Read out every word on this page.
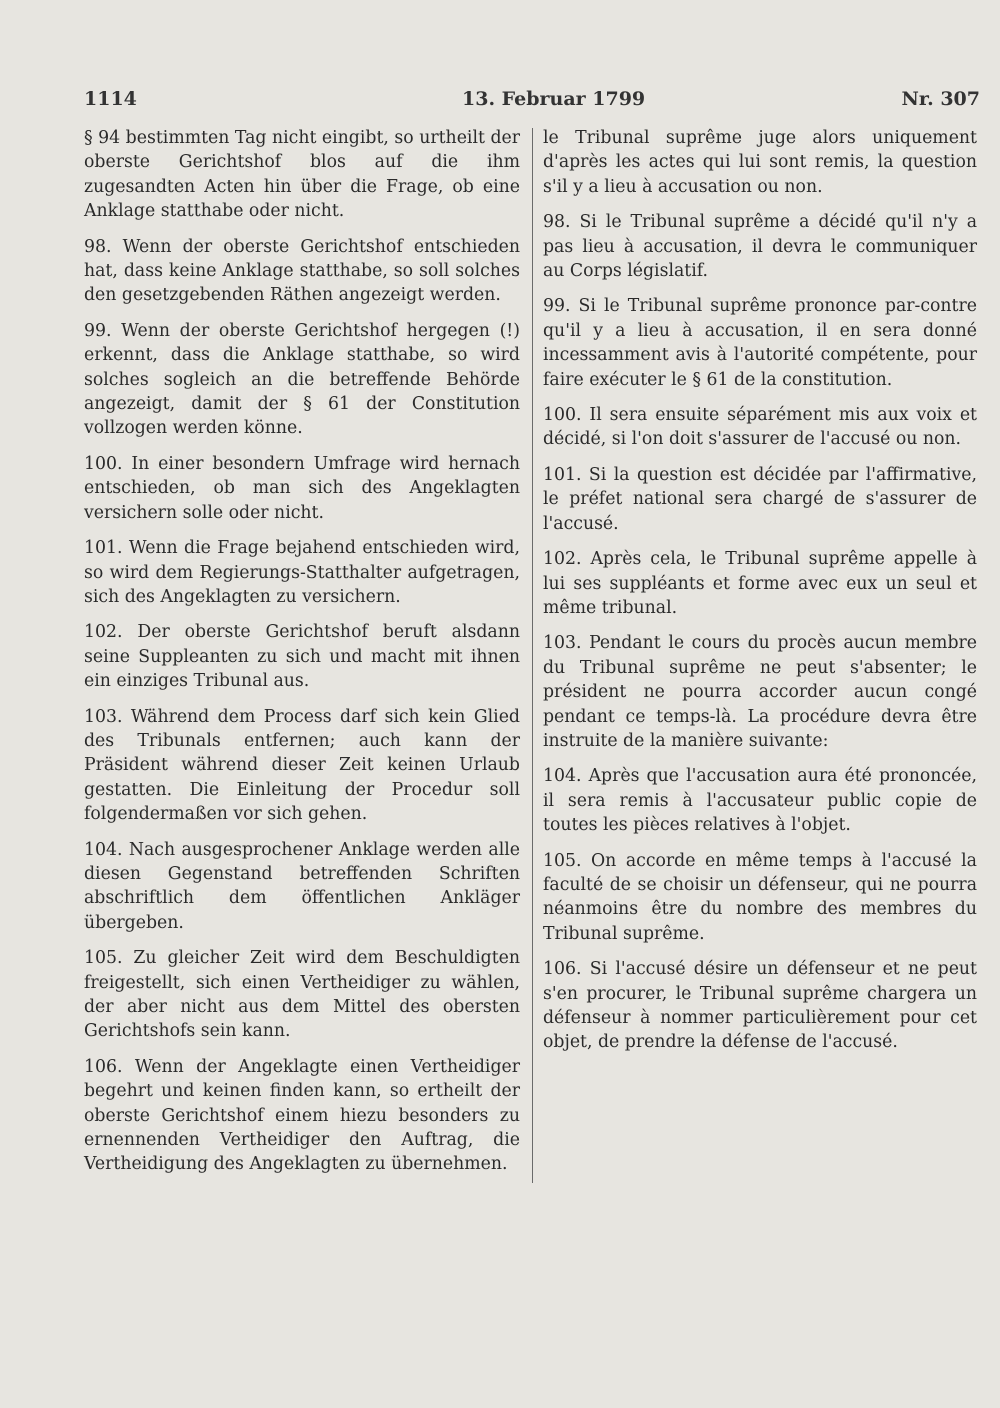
1114	13. Februar 1799	Nr. 307

§ 94 bestimmten Tag nicht eingibt, so urtheilt der oberste Gerichtshof blos auf die ihm zugesandten Acten hin über die Frage, ob eine Anklage statthabe oder nicht.

98. Wenn der oberste Gerichtshof entschieden hat, dass keine Anklage statthabe, so soll solches den gesetzgebenden Räthen angezeigt werden.

99. Wenn der oberste Gerichtshof hergegen (!) erkennt, dass die Anklage statthabe, so wird solches sogleich an die betreffende Behörde angezeigt, damit der § 61 der Constitution vollzogen werden könne.

100. In einer besondern Umfrage wird hernach entschieden, ob man sich des Angeklagten versichern solle oder nicht.

101. Wenn die Frage bejahend entschieden wird, so wird dem Regierungs-Statthalter aufgetragen, sich des Angeklagten zu versichern.

102. Der oberste Gerichtshof beruft alsdann seine Suppleanten zu sich und macht mit ihnen ein einziges Tribunal aus.

103. Während dem Process darf sich kein Glied des Tribunals entfernen; auch kann der Präsident während dieser Zeit keinen Urlaub gestatten. Die Einleitung der Procedur soll folgendermaßen vor sich gehen.

104. Nach ausgesprochener Anklage werden alle diesen Gegenstand betreffenden Schriften abschriftlich dem öffentlichen Ankläger übergeben.

105. Zu gleicher Zeit wird dem Beschuldigten freigestellt, sich einen Vertheidiger zu wählen, der aber nicht aus dem Mittel des obersten Gerichtshofs sein kann.

106. Wenn der Angeklagte einen Vertheidiger begehrt und keinen finden kann, so ertheilt der oberste Gerichtshof einem hiezu besonders zu ernennenden Vertheidiger den Auftrag, die Vertheidigung des Angeklagten zu übernehmen.

le Tribunal suprême juge alors uniquement d'après les actes qui lui sont remis, la question s'il y a lieu à accusation ou non.

98. Si le Tribunal suprême a décidé qu'il n'y a pas lieu à accusation, il devra le communiquer au Corps législatif.

99. Si le Tribunal suprême prononce par-contre qu'il y a lieu à accusation, il en sera donné incessamment avis à l'autorité compétente, pour faire exécuter le § 61 de la constitution.

100. Il sera ensuite séparément mis aux voix et décidé, si l'on doit s'assurer de l'accusé ou non.

101. Si la question est décidée par l'affirmative, le préfet national sera chargé de s'assurer de l'accusé.

102. Après cela, le Tribunal suprême appelle à lui ses suppléants et forme avec eux un seul et même tribunal.

103. Pendant le cours du procès aucun membre du Tribunal suprême ne peut s'absenter; le président ne pourra accorder aucun congé pendant ce temps-là. La procédure devra être instruite de la manière suivante:

104. Après que l'accusation aura été prononcée, il sera remis à l'accusateur public copie de toutes les pièces relatives à l'objet.

105. On accorde en même temps à l'accusé la faculté de se choisir un défenseur, qui ne pourra néanmoins être du nombre des membres du Tribunal suprême.

106. Si l'accusé désire un défenseur et ne peut s'en procurer, le Tribunal suprême chargera un défenseur à nommer particulièrement pour cet objet, de prendre la défense de l'accusé.
